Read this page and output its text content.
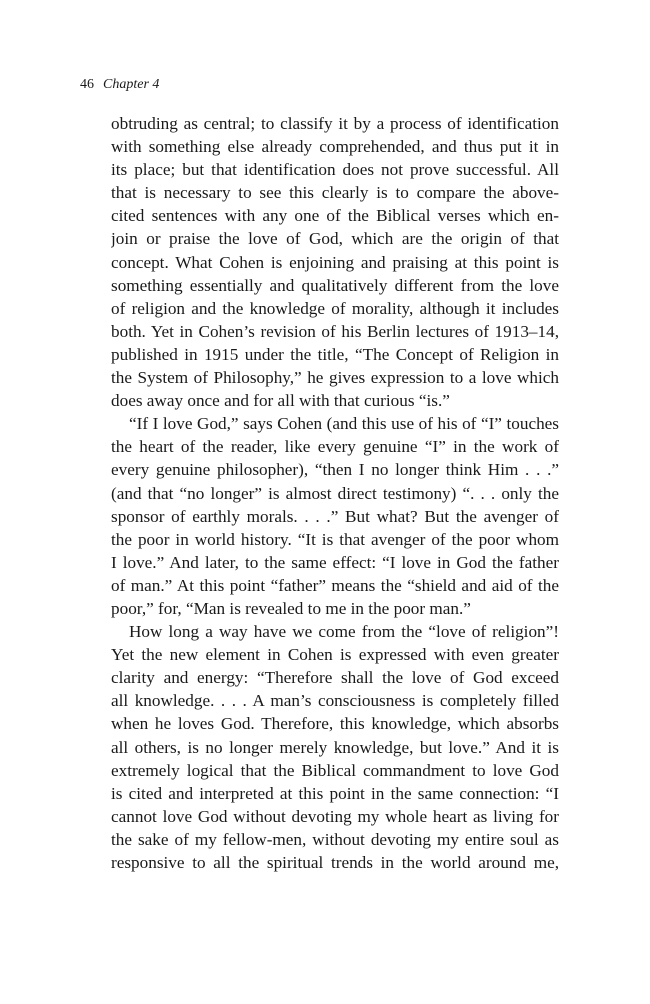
46 Chapter 4
obtruding as central; to classify it by a process of identification
with something else already comprehended, and thus put it in
its place; but that identification does not prove successful. All
that is necessary to see this clearly is to compare the above-
cited sentences with any one of the Biblical verses which en-
join or praise the love of God, which are the origin of that
concept. What Cohen is enjoining and praising at this point is
something essentially and qualitatively different from the love
of religion and the knowledge of morality, although it includes
both. Yet in Cohen’s revision of his Berlin lectures of 1913–14,
published in 1915 under the title, “The Concept of Religion in
the System of Philosophy,” he gives expression to a love which
does away once and for all with that curious “is.”
“If I love God,” says Cohen (and this use of his of “I” touches
the heart of the reader, like every genuine “I” in the work of
every genuine philosopher), “then I no longer think Him . . .”
(and that “no longer” is almost direct testimony) “. . . only the
sponsor of earthly morals. . . .” But what? But the avenger of
the poor in world history. “It is that avenger of the poor whom
I love.” And later, to the same effect: “I love in God the father
of man.” At this point “father” means the “shield and aid of the
poor,” for, “Man is revealed to me in the poor man.”
How long a way have we come from the “love of religion”!
Yet the new element in Cohen is expressed with even greater
clarity and energy: “Therefore shall the love of God exceed
all knowledge. . . . A man’s consciousness is completely filled
when he loves God. Therefore, this knowledge, which absorbs
all others, is no longer merely knowledge, but love.” And it is
extremely logical that the Biblical commandment to love God
is cited and interpreted at this point in the same connection: “I
cannot love God without devoting my whole heart as living for
the sake of my fellow-men, without devoting my entire soul as
responsive to all the spiritual trends in the world around me,
